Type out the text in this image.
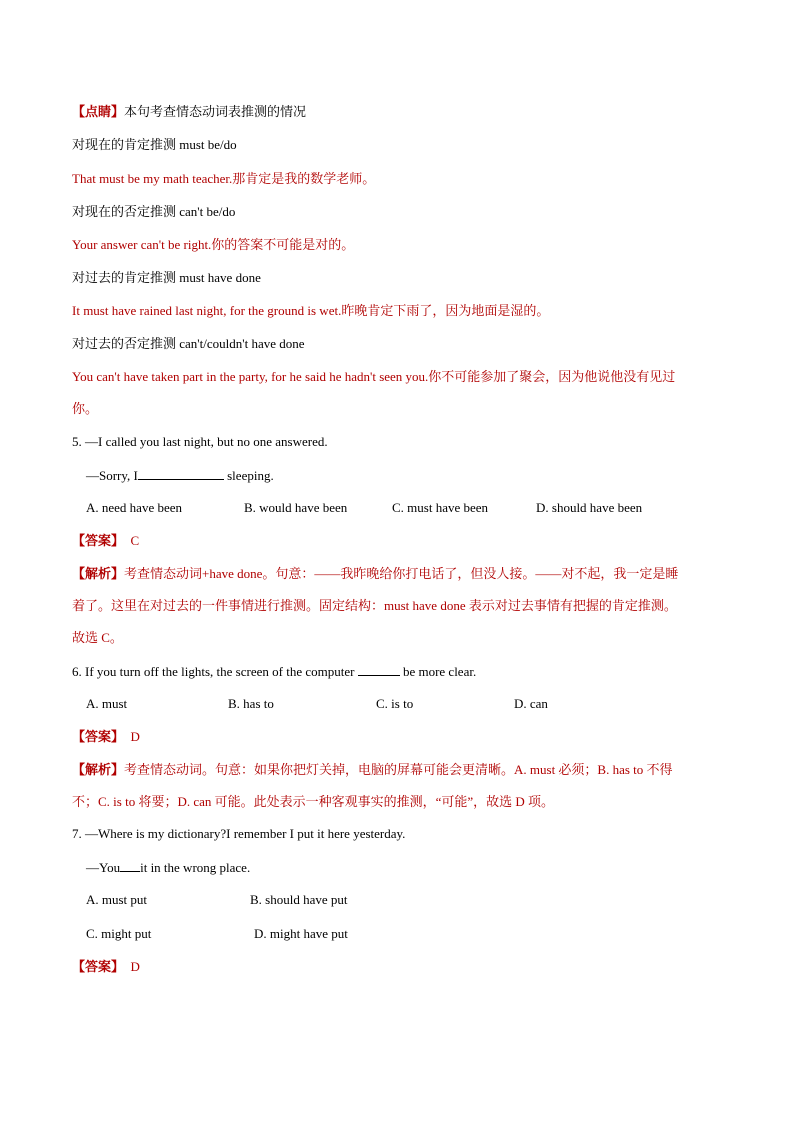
【点睛】本句考查情态动词表推测的情况
对现在的肯定推测 must be/do
That must be my math teacher.那肯定是我的数学老师。
对现在的否定推测 can't be/do
Your answer can't be right.你的答案不可能是对的。
对过去的肯定推测 must have done
It must have rained last night, for the ground is wet.昨晚肯定下雨了，因为地面是湿的。
对过去的否定推测 can't/couldn't have done
You can't have taken part in the party, for he said he hadn't seen you.你不可能参加了聚会，因为他说他没有见过
你。
5. —I called you last night, but no one answered.
—Sorry, I	sleeping.
A. need have been	B. would have been	C. must have been	D. should have been
【答案】 C
【解析】考查情态动词+have done。句意：——我昨晚给你打电话了，但没人接。——对不起，我一定是睡
着了。这里在对过去的一件事情进行推测。固定结构：must have done 表示对过去事情有把握的肯定推测。
故选 C。
6. If you turn off the lights, the screen of the computer	be more clear.
A. must	B. has to	C. is to	D. can
【答案】 D
【解析】考查情态动词。句意：如果你把灯关掉，电脑的屏幕可能会更清晰。A. must 必须；B. has to 不得
不；C. is to 将要；D. can 可能。此处表示一种客观事实的推测，“可能”，故选 D 项。
7. —Where is my dictionary?I remember I put it here yesterday.
—You it in the wrong place.
A. must put	B. should have put
C. might put	D. might have put
【答案】 D
